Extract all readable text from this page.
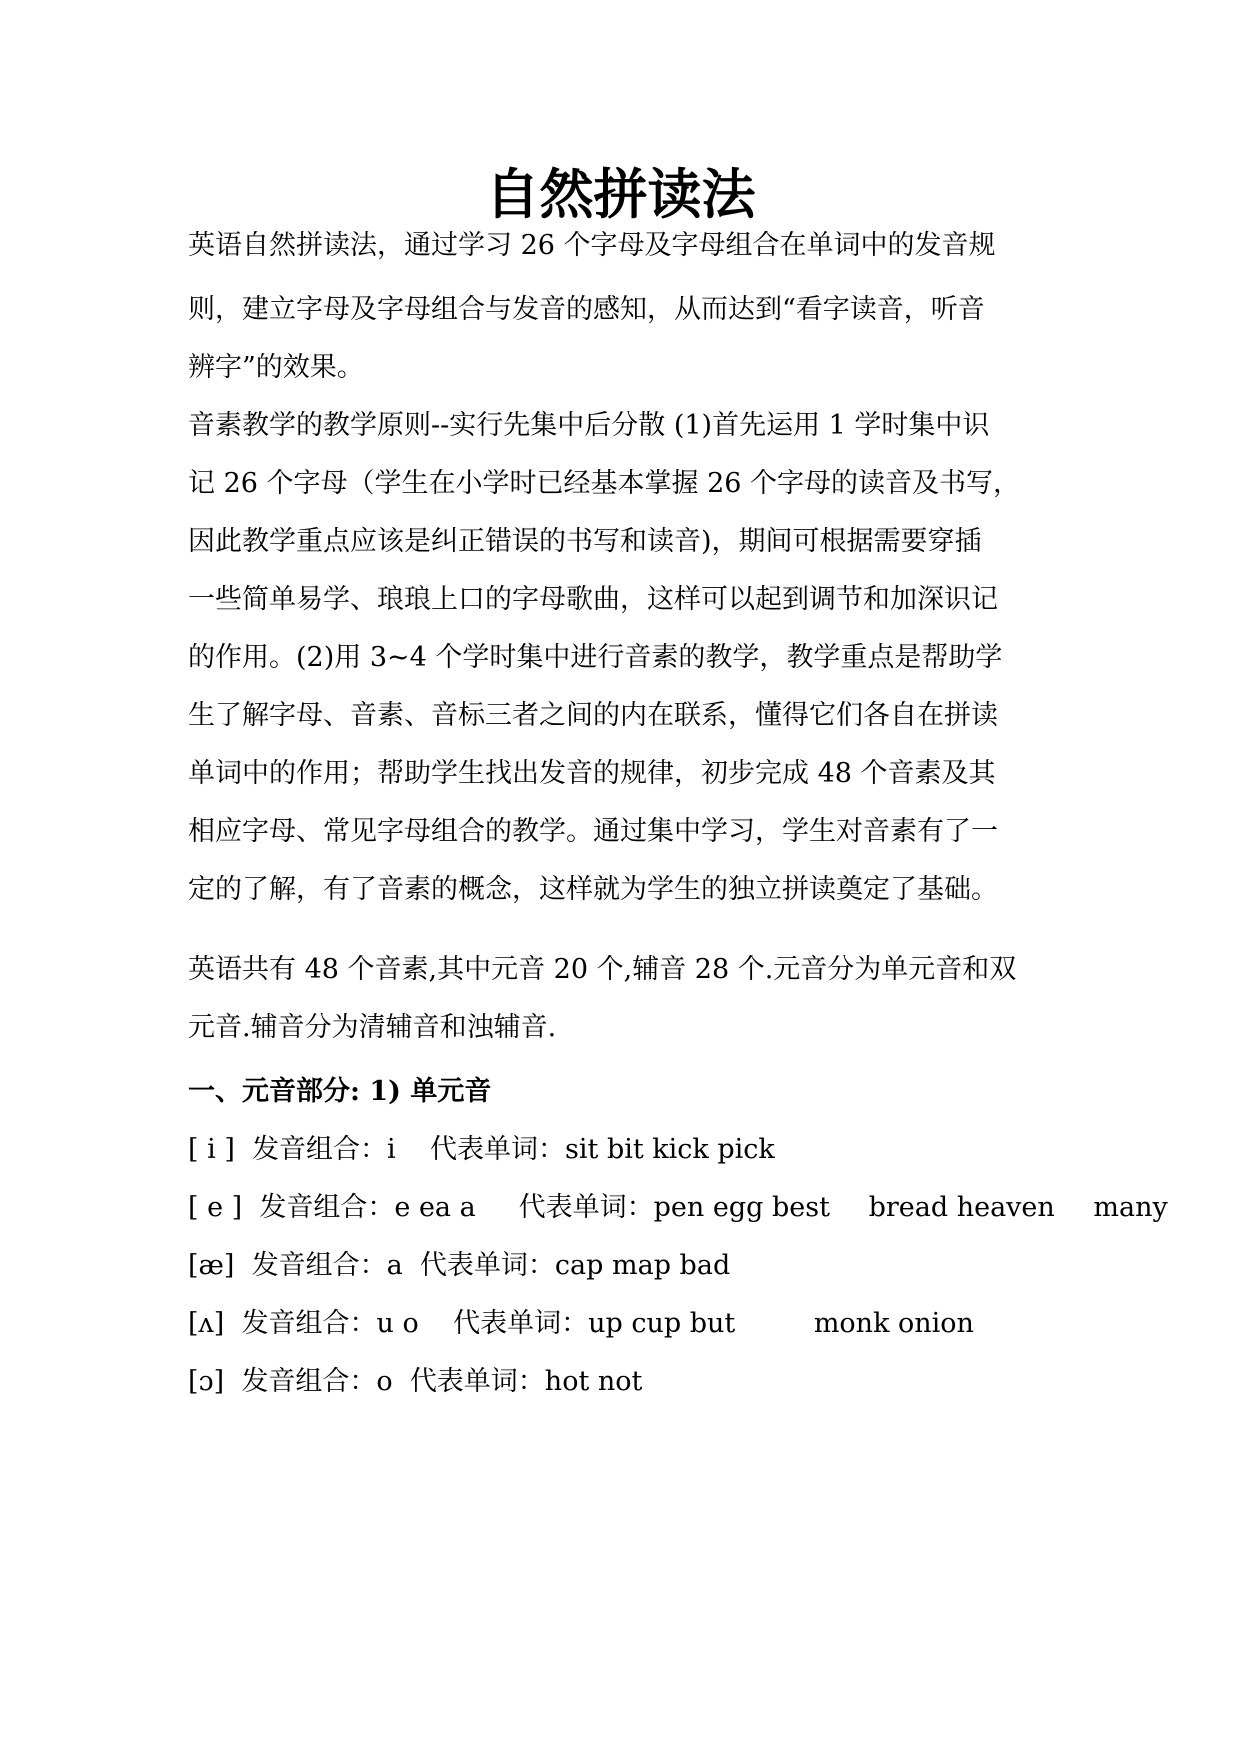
自然拼读法

英语自然拼读法，通过学习 26 个字母及字母组合在单词中的发音规

则，建立字母及字母组合与发音的感知，从而达到“看字读音，听音

辨字”的效果。

音素教学的教学原则--实行先集中后分散 (1)首先运用 1 学时集中识

记 26 个字母（学生在小学时已经基本掌握 26 个字母的读音及书写，

因此教学重点应该是纠正错误的书写和读音)，期间可根据需要穿插

一些简单易学、琅琅上口的字母歌曲，这样可以起到调节和加深识记

的作用。(2)用 3~4 个学时集中进行音素的教学，教学重点是帮助学

生了解字母、音素、音标三者之间的内在联系，懂得它们各自在拼读

单词中的作用；帮助学生找出发音的规律，初步完成 48 个音素及其

相应字母、常见字母组合的教学。通过集中学习，学生对音素有了一

定的了解，有了音素的概念，这样就为学生的独立拼读奠定了基础。

英语共有 48 个音素,其中元音 20 个,辅音 28 个.元音分为单元音和双

元音.辅音分为清辅音和浊辅音.

一、元音部分: 1) 单元音

[ i ] 发音组合：i 代表单词：sit bit kick pick

[ e ] 发音组合：e ea a 代表单词：pen egg best bread heaven many

[æ] 发音组合：a 代表单词：cap map bad

[ʌ] 发音组合：u o 代表单词：up cup but	monk onion

[ɔ] 发音组合：o 代表单词：hot not
